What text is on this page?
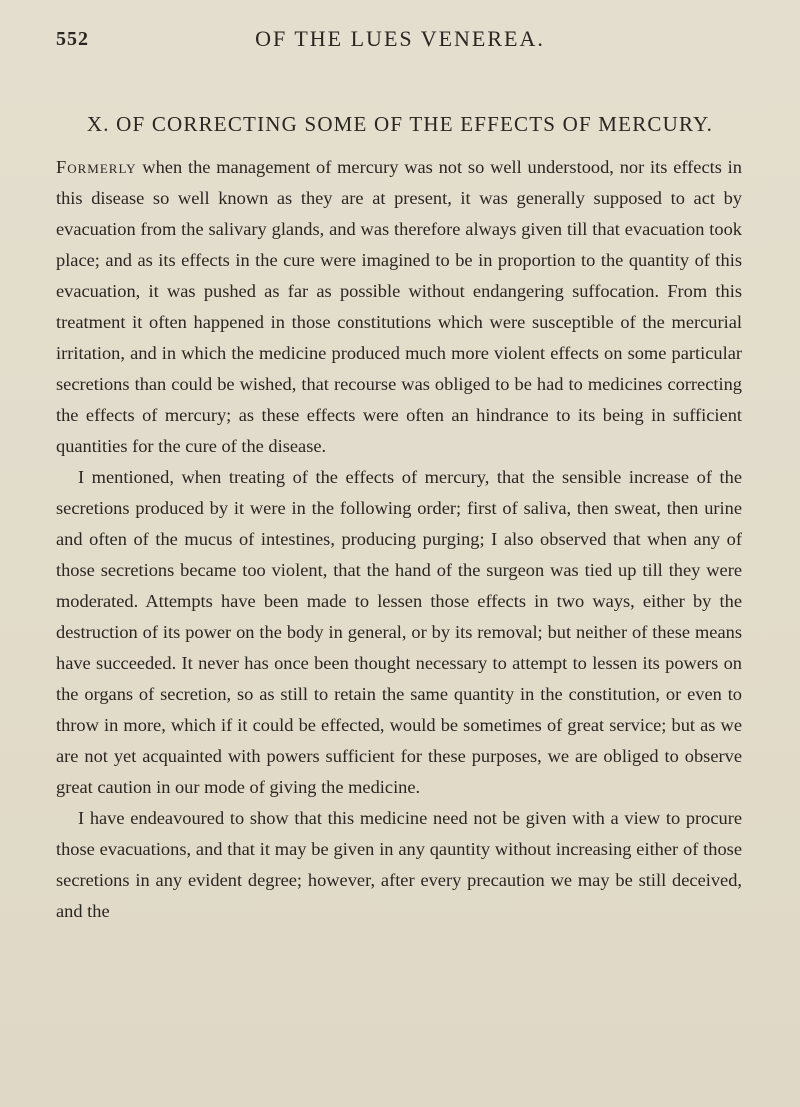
552	OF THE LUES VENEREA.
X. OF CORRECTING SOME OF THE EFFECTS OF MERCURY.

Formerly when the management of mercury was not so well understood, nor its effects in this disease so well known as they are at present, it was generally supposed to act by evacuation from the salivary glands, and was therefore always given till that evacuation took place; and as its effects in the cure were imagined to be in proportion to the quantity of this evacuation, it was pushed as far as possible without endangering suffocation. From this treatment it often happened in those constitutions which were susceptible of the mercurial irritation, and in which the medicine produced much more violent effects on some particular secretions than could be wished, that recourse was obliged to be had to medicines correcting the effects of mercury; as these effects were often an hindrance to its being in sufficient quantities for the cure of the disease.

I mentioned, when treating of the effects of mercury, that the sensible increase of the secretions produced by it were in the following order; first of saliva, then sweat, then urine and often of the mucus of intestines, producing purging; I also observed that when any of those secretions became too violent, that the hand of the surgeon was tied up till they were moderated. Attempts have been made to lessen those effects in two ways, either by the destruction of its power on the body in general, or by its removal; but neither of these means have succeeded. It never has once been thought necessary to attempt to lessen its powers on the organs of secretion, so as still to retain the same quantity in the constitution, or even to throw in more, which if it could be effected, would be sometimes of great service; but as we are not yet acquainted with powers sufficient for these purposes, we are obliged to observe great caution in our mode of giving the medicine.

I have endeavoured to show that this medicine need not be given with a view to procure those evacuations, and that it may be given in any qauntity without increasing either of those secretions in any evident degree; however, after every precaution we may be still deceived, and the
